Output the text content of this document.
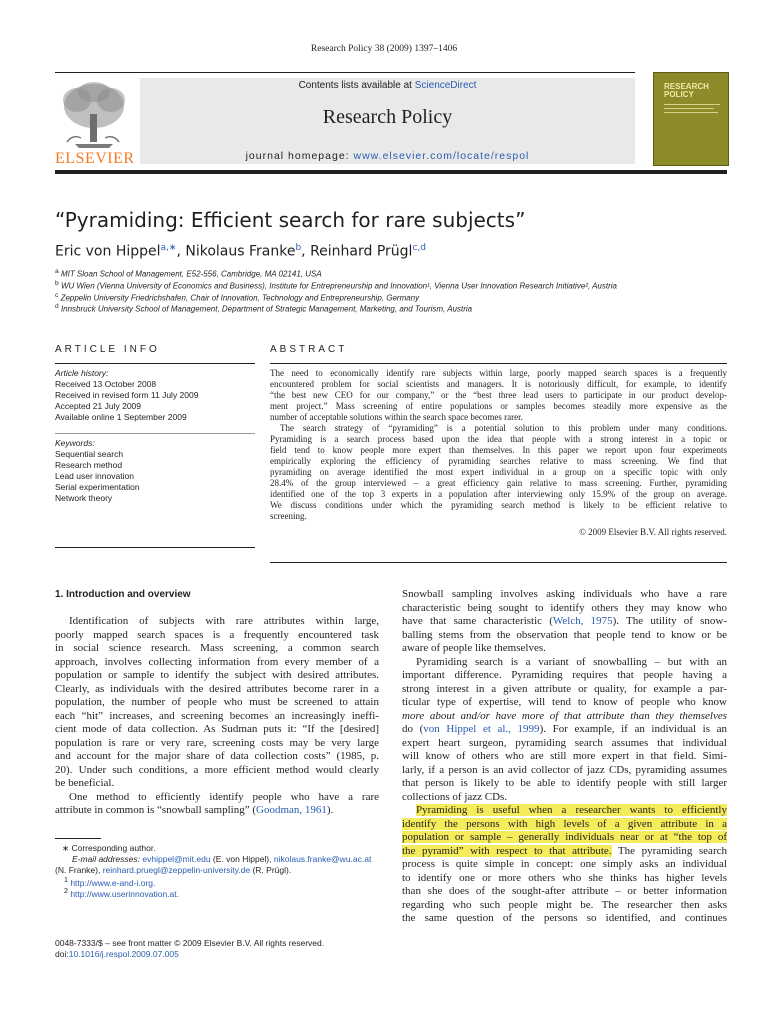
Research Policy 38 (2009) 1397–1406
Contents lists available at ScienceDirect
Research Policy
journal homepage: www.elsevier.com/locate/respol
ELSEVIER
RESEARCH POLICY
“Pyramiding: Efficient search for rare subjects”
Eric von Hippel$^{a,∗}$, Nikolaus Franke$^b$, Reinhard Prügl$^{c,d}$
$^a$ MIT Sloan School of Management, E52-556, Cambridge, MA 02141, USA
$^b$ WU Wien (Vienna University of Economics and Business), Institute for Entrepreneurship and Innovation¹, Vienna User Innovation Research Initiative², Austria
$^c$ Zeppelin University Friedrichshafen, Chair of Innovation, Technology and Entrepreneurship, Germany
$^d$ Innsbruck University School of Management, Department of Strategic Management, Marketing, and Tourism, Austria
ARTICLE INFO
Article history:
Received 13 October 2008
Received in revised form 11 July 2009
Accepted 21 July 2009
Available online 1 September 2009
Keywords:
Sequential search
Research method
Lead user innovation
Serial experimentation
Network theory
ABSTRACT
The need to economically identify rare subjects within large, poorly mapped search spaces is a frequently
encountered problem for social scientists and managers. It is notoriously difficult, for example, to identify
“the best new CEO for our company,” or the “best three lead users to participate in our product develop-
ment project.” Mass screening of entire populations or samples becomes steadily more expensive as the
number of acceptable solutions within the search space becomes rarer.
The search strategy of “pyramiding” is a potential solution to this problem under many conditions.
Pyramiding is a search process based upon the idea that people with a strong interest in a topic or
field tend to know people more expert than themselves. In this paper we report upon four experiments
empirically exploring the efficiency of pyramiding searches relative to mass screening. We find that
pyramiding on average identified the most expert individual in a group on a specific topic with only
28.4% of the group interviewed – a great efficiency gain relative to mass screening. Further, pyramiding
identified one of the top 3 experts in a population after interviewing only 15.9% of the group on average.
We discuss conditions under which the pyramiding search method is likely to be efficient relative to
screening.
© 2009 Elsevier B.V. All rights reserved.
1. Introduction and overview
Identification of subjects with rare attributes within large,
poorly mapped search spaces is a frequently encountered task
in social science research. Mass screening, a common search
approach, involves collecting information from every member of a
population or sample to identify the subject with desired attributes.
Clearly, as individuals with the desired attributes become rarer in a
population, the number of people who must be screened to attain
each “hit” increases, and screening becomes an increasingly ineffi-
cient mode of data collection. As Sudman puts it: “If the [desired]
population is rare or very rare, screening costs may be very large
and account for the major share of data collection costs” (1985, p.
20). Under such conditions, a more efficient method would clearly
be beneficial.
One method to efficiently identify people who have a rare
attribute in common is “snowball sampling” (Goodman, 1961).
∗ Corresponding author.
E-mail addresses: evhippel@mit.edu (E. von Hippel), nikolaus.franke@wu.ac.at
(N. Franke), reinhard.pruegl@zeppelin-university.de (R. Prügl).
$^1$ http://www.e-and-i.org.
$^2$ http://www.userinnovation.at.
0048-7333/$ – see front matter © 2009 Elsevier B.V. All rights reserved.
doi:10.1016/j.respol.2009.07.005
Snowball sampling involves asking individuals who have a rare
characteristic being sought to identify others they may know who
have that same characteristic (Welch, 1975). The utility of snow-
balling stems from the observation that people tend to know or be
aware of people like themselves.
Pyramiding search is a variant of snowballing – but with an
important difference. Pyramiding requires that people having a
strong interest in a given attribute or quality, for example a par-
ticular type of expertise, will tend to know of people who know
more about and/or have more of that attribute than they themselves
do (von Hippel et al., 1999). For example, if an individual is an
expert heart surgeon, pyramiding search assumes that individual
will know of others who are still more expert in that field. Simi-
larly, if a person is an avid collector of jazz CDs, pyramiding assumes
that person is likely to be able to identify people with still larger
collections of jazz CDs.
Pyramiding is useful when a researcher wants to efficiently
identify the persons with high levels of a given attribute in a
population or sample – generally individuals near or at “the top of
the pyramid” with respect to that attribute. The pyramiding search
process is quite simple in concept: one simply asks an individual
to identify one or more others who she thinks has higher levels
than she does of the sought-after attribute – or better information
regarding who such people might be. The researcher then asks
the same question of the persons so identified, and continues
